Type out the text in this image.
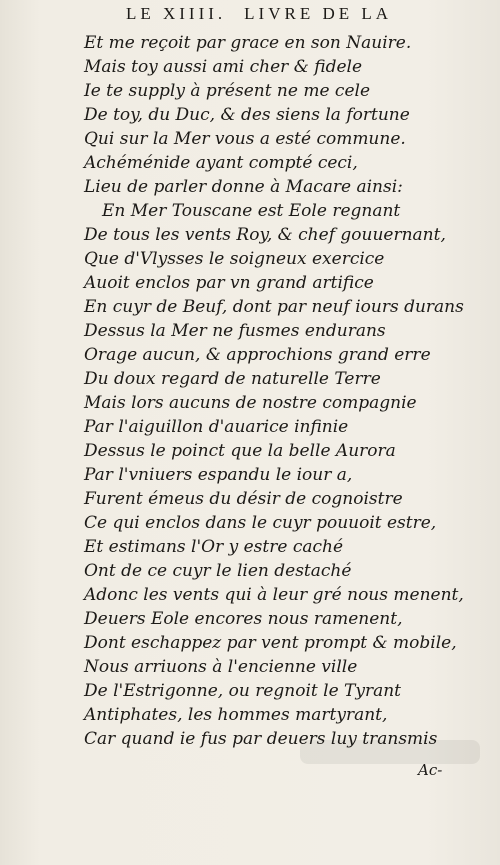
LE XIIII. LIVRE DE LA
Et me reçoit par grace en son Nauire.
Mais toy aussi ami cher & fidele
Ie te supply à présent ne me cele
De toy, du Duc, & des siens la fortune
Qui sur la Mer vous a esté commune.
Achéménide ayant compté ceci,
Lieu de parler donne à Macare ainsi:
En Mer Touscane est Eole regnant
De tous les vents Roy, & chef gouuernant,
Que d'Vlysses le soigneux exercice
Auoit enclos par vn grand artifice
En cuyr de Beuf, dont par neuf iours durans
Dessus la Mer ne fusmes endurans
Orage aucun, & approchions grand erre
Du doux regard de naturelle Terre
Mais lors aucuns de nostre compagnie
Par l'aiguillon d'auarice infinie
Dessus le poinct que la belle Aurora
Par l'vniuers espandu le iour a,
Furent émeus du désir de cognoistre
Ce qui enclos dans le cuyr pouuoit estre,
Et estimans l'Or y estre caché
Ont de ce cuyr le lien destaché
Adonc les vents qui à leur gré nous menent,
Deuers Eole encores nous ramenent,
Dont eschappez par vent prompt & mobile,
Nous arriuons à l'encienne ville
De l'Estrigonne, ou regnoit le Tyrant
Antiphates, les hommes martyrant,
Car quand ie fus par deuers luy transmis
Ac-
